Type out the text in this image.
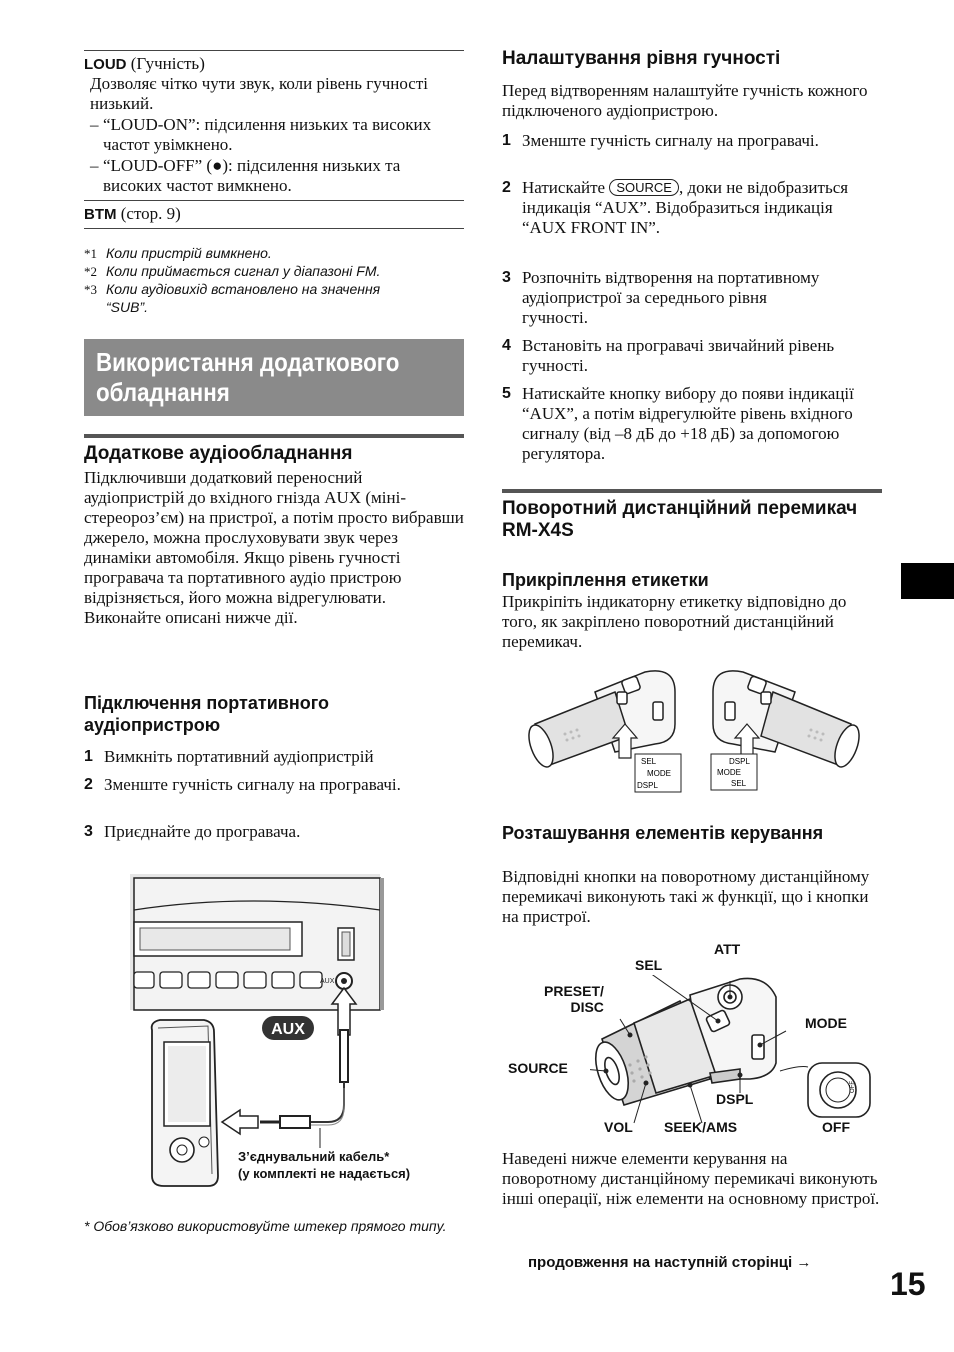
LOUD (Гучність)
Дозволяє чітко чути звук, коли рівень гучності низький.
– “LOUD-ON”: підсилення низьких та високих частот увімкнено.
– “LOUD-OFF” (●): підсилення низьких та високих частот вимкнено.
BTM (стор. 9)
*1 Коли пристрій вимкнено.
*2 Коли приймається сигнал у діапазоні FM.
*3 Коли аудіовихід встановлено на значення “SUB”.
Використання додаткового
обладнання
Додаткове аудіообладнання
Підключивши додатковий переносний аудіопристрій до вхідного гнізда AUX (міні-стереороз’єм) на пристрої, а потім просто вибравши джерело, можна прослуховувати звук через динаміки автомобіля. Якщо рівень гучності програвача та портативного аудіо пристрою відрізняється, його можна відрегулювати. Виконайте описані нижче дії.
Підключення портативного аудіопристрою
1 Вимкніть портативний аудіопристрій
2 Зменште гучність сигналу на програвачі.
3 Приєднайте до програвача.
AUX
AUX
З’єднувальний кабель*
(у комплекті не надається)
* Обов’язково використовуйте штекер прямого типу.
Налаштування рівня гучності
Перед відтворенням налаштуйте гучність кожного підключеного аудіопристрою.
1 Зменште гучність сигналу на програвачі.
2 Натискайте SOURCE , доки не відобразиться індикація “AUX”. Відобразиться індикація “AUX FRONT IN”.
3 Розпочніть відтворення на портативному аудіопристрої за середнього рівня гучності.
4 Встановіть на програвачі звичайний рівень гучності.
5 Натискайте кнопку вибору до появи індикації “AUX”, а потім відрегулюйте рівень вхідного сигналу (від –8 дБ до +18 дБ) за допомогою регулятора.
Поворотний дистанційний перемикач RM-X4S
Прикріплення етикетки
Прикріпіть індикаторну етикетку відповідно до того, як закріплено поворотний дистанційний перемикач.
SEL
MODE
DSPL
DSPL
MODE
SEL
Розташування елементів керування
Відповідні кнопки на поворотному дистанційному перемикачі виконують такі ж функції, що і кнопки на пристрої.
OFF
ATT
SEL
PRESET/
DISC
MODE
SOURCE
DSPL
VOL SEEK/AMS	OFF
Наведені нижче елементи керування на поворотному дистанційному перемикачі виконують інші операції, ніж елементи на основному пристрої.
продовження на наступній сторінці →
15
